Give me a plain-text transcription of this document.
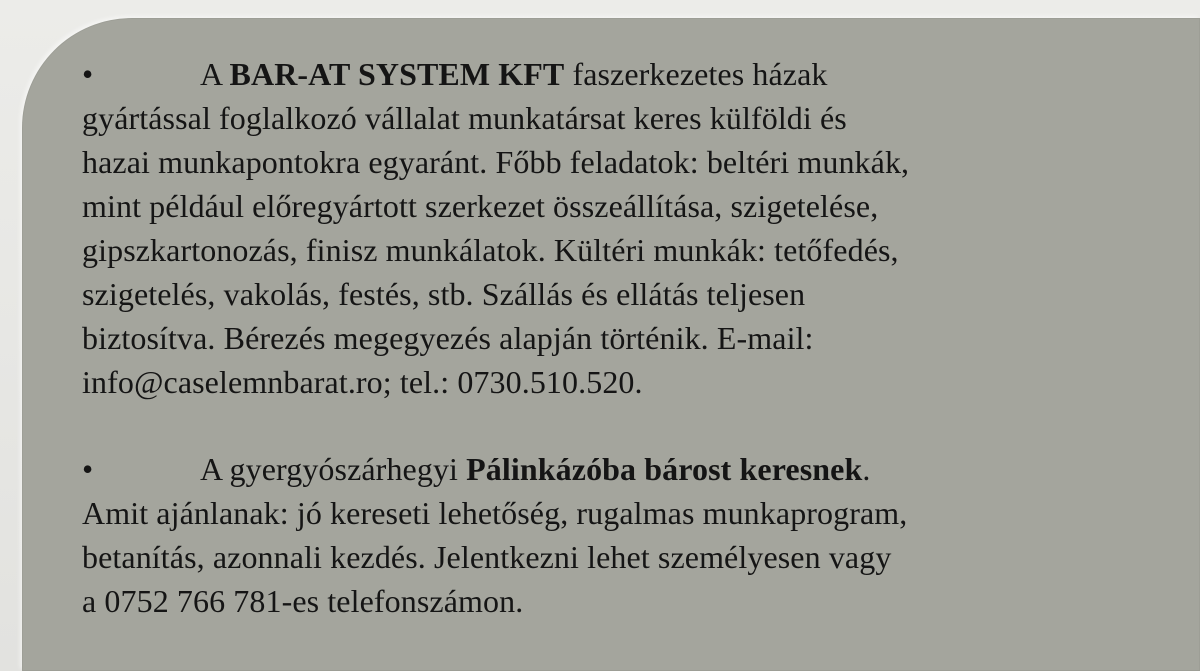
•	A BAR-AT SYSTEM KFT faszerkezetes házak
gyártással foglalkozó vállalat munkatársat keres külföldi és
hazai munkapontokra egyaránt. Főbb feladatok: beltéri munkák,
mint például előregyártott szerkezet összeállítása, szigetelése,
gipszkartonozás, finisz munkálatok. Kültéri munkák: tetőfedés,
szigetelés, vakolás, festés, stb. Szállás és ellátás teljesen
biztosítva. Bérezés megegyezés alapján történik. E-mail:
info@caselemnbarat.ro; tel.: 0730.510.520.
•	A gyergyószárhegyi Pálinkázóba bárost keresnek.
Amit ajánlanak: jó kereseti lehetőség, rugalmas munkaprogram,
betanítás, azonnali kezdés. Jelentkezni lehet személyesen vagy
a 0752 766 781-es telefonszámon.
